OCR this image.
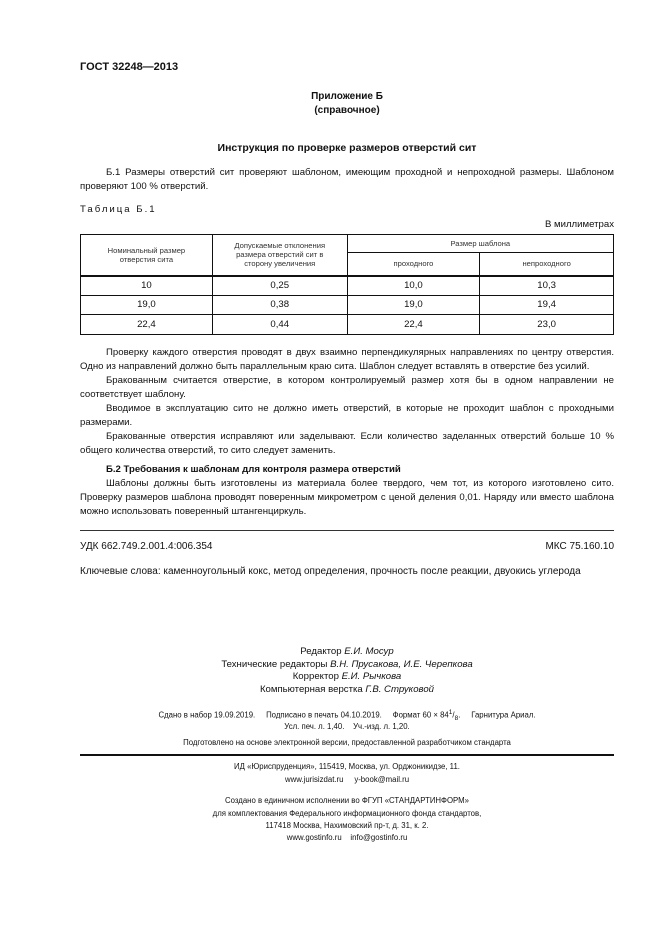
ГОСТ 32248—2013
Приложение Б
(справочное)
Инструкция по проверке размеров отверстий сит
Б.1 Размеры отверстий сит проверяют шаблоном, имеющим проходной и непроходной размеры. Шаблоном проверяют 100 % отверстий.
Таблица Б.1
В миллиметрах
Номинальный размер отверстия сита	Допускаемые отклонения размера отверстий сит в сторону увеличения	Размер шаблона	
		проходного	непроходного
10	0,25	10,0	10,3
19,0	0,38	19,0	19,4
22,4	0,44	22,4	23,0
Проверку каждого отверстия проводят в двух взаимно перпендикулярных направлениях по центру отверстия. Одно из направлений должно быть параллельным краю сита. Шаблон следует вставлять в отверстие без усилий.
Бракованным считается отверстие, в котором контролируемый размер хотя бы в одном направлении не соответствует шаблону.
Вводимое в эксплуатацию сито не должно иметь отверстий, в которые не проходит шаблон с проходными размерами.
Бракованные отверстия исправляют или заделывают. Если количество заделанных отверстий больше 10 % общего количества отверстий, то сито следует заменить.
Б.2 Требования к шаблонам для контроля размера отверстий
Шаблоны должны быть изготовлены из материала более твердого, чем тот, из которого изготовлено сито. Проверку размеров шаблона проводят поверенным микрометром с ценой деления 0,01. Наряду или вместо шаблона можно использовать поверенный штангенциркуль.
УДК 662.749.2.001.4:006.354	МКС 75.160.10
Ключевые слова: каменноугольный кокс, метод определения, прочность после реакции, двуокись углерода
Редактор Е.И. Мосур
Технические редакторы В.Н. Прусакова, И.Е. Черепкова
Корректор Е.И. Рычкова
Компьютерная верстка Г.В. Струковой
Сдано в набор 19.09.2019. Подписано в печать 04.10.2019. Формат $60 \times 84^1/_8$.     Гарнитура Ариал.
Усл. печ. л. 1,40. Уч.-изд. л. 1,20.
Подготовлено на основе электронной версии, предоставленной разработчиком стандарта
ИД «Юриспруденция», 115419, Москва, ул. Орджоникидзе, 11.
www.jurisizdat.ru y-book@mail.ru
Создано в единичном исполнении во ФГУП «СТАНДАРТИНФОРМ»
для комплектования Федерального информационного фонда стандартов,
117418 Москва, Нахимовский пр-т, д. 31, к. 2.
www.gostinfo.ru info@gostinfo.ru
